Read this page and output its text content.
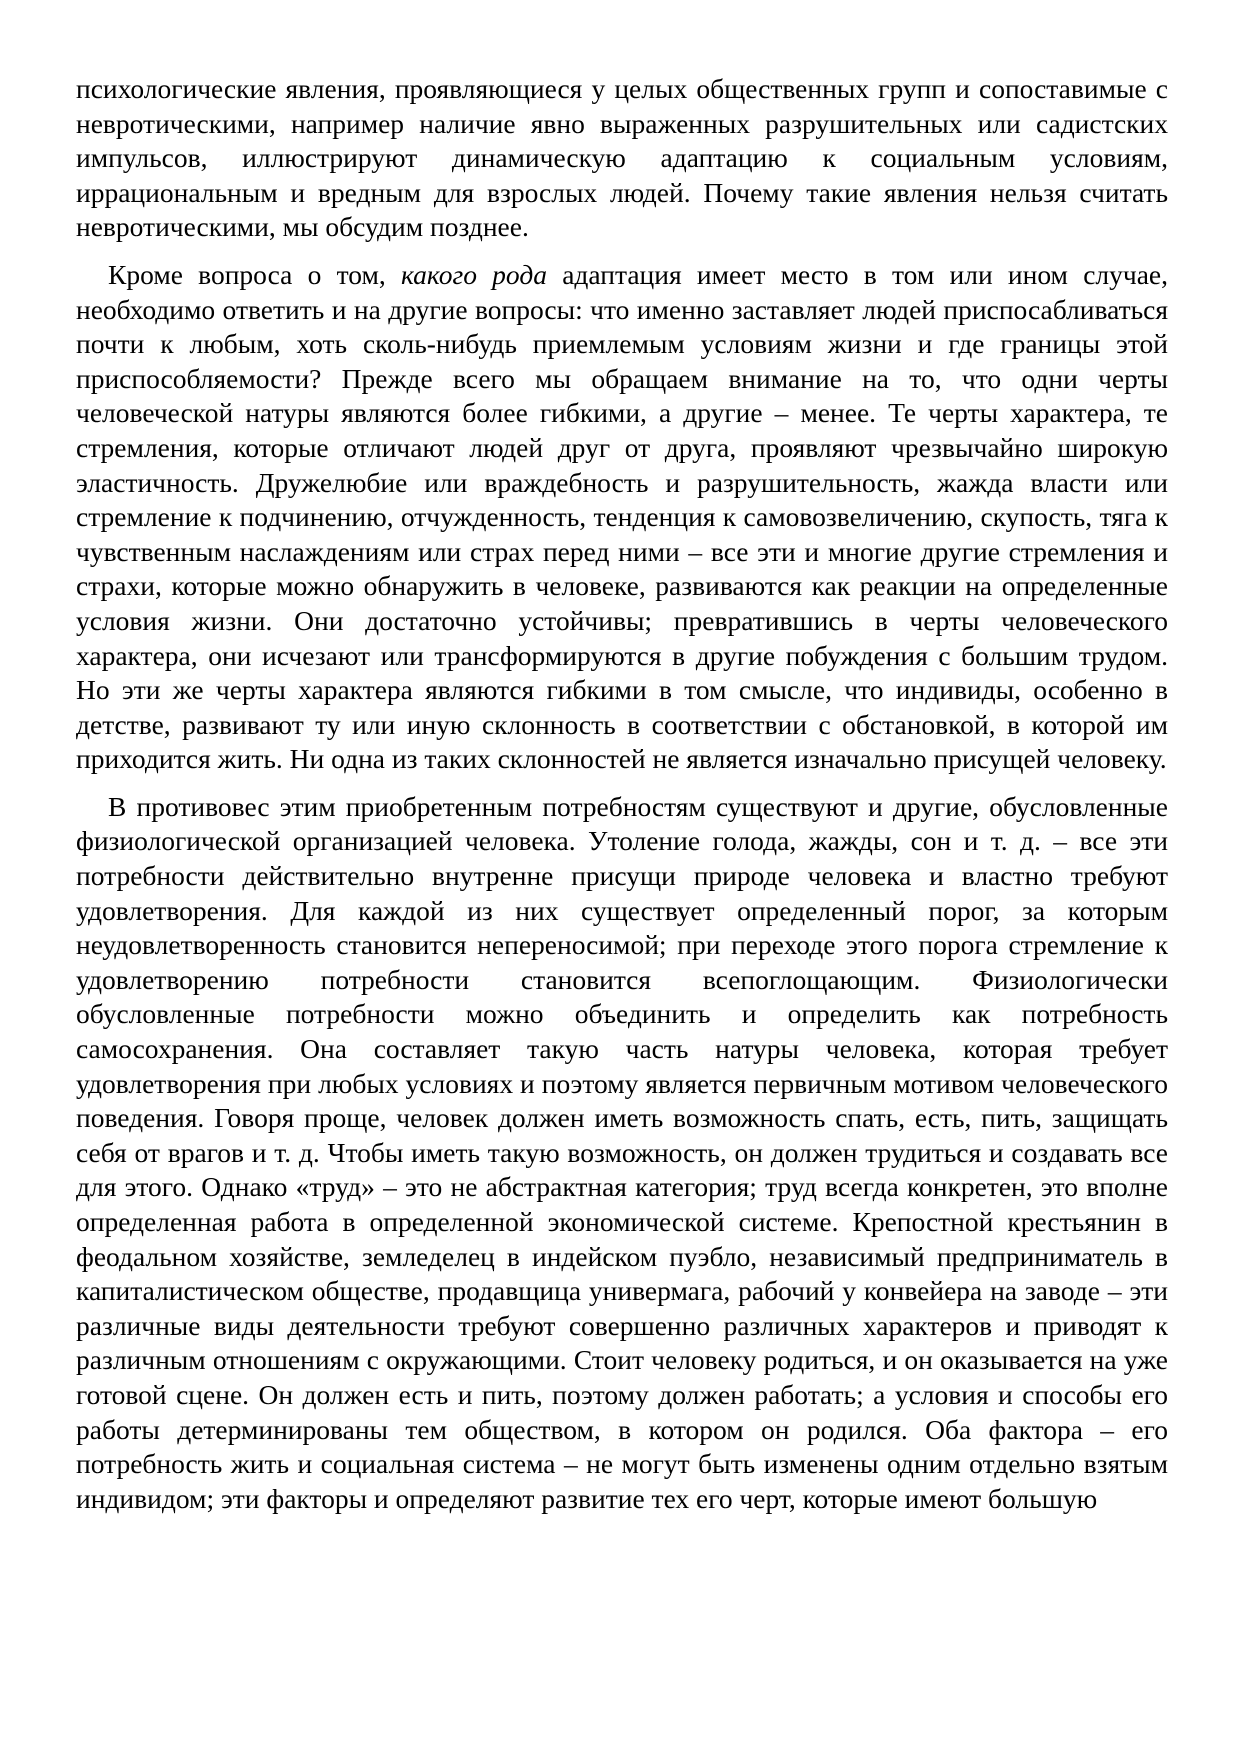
психологические явления, проявляющиеся у целых общественных групп и сопоставимые с невротическими, например наличие явно выраженных разрушительных или садистских импульсов, иллюстрируют динамическую адаптацию к социальным условиям, иррациональным и вредным для взрослых людей. Почему такие явления нельзя считать невротическими, мы обсудим позднее.

Кроме вопроса о том, какого рода адаптация имеет место в том или ином случае, необходимо ответить и на другие вопросы: что именно заставляет людей приспосабливаться почти к любым, хоть сколь-нибудь приемлемым условиям жизни и где границы этой приспособляемости? Прежде всего мы обращаем внимание на то, что одни черты человеческой натуры являются более гибкими, а другие – менее. Те черты характера, те стремления, которые отличают людей друг от друга, проявляют чрезвычайно широкую эластичность. Дружелюбие или враждебность и разрушительность, жажда власти или стремление к подчинению, отчужденность, тенденция к самовозвеличению, скупость, тяга к чувственным наслаждениям или страх перед ними – все эти и многие другие стремления и страхи, которые можно обнаружить в человеке, развиваются как реакции на определенные условия жизни. Они достаточно устойчивы; превратившись в черты человеческого характера, они исчезают или трансформируются в другие побуждения с большим трудом. Но эти же черты характера являются гибкими в том смысле, что индивиды, особенно в детстве, развивают ту или иную склонность в соответствии с обстановкой, в которой им приходится жить. Ни одна из таких склонностей не является изначально присущей человеку.

В противовес этим приобретенным потребностям существуют и другие, обусловленные физиологической организацией человека. Утоление голода, жажды, сон и т. д. – все эти потребности действительно внутренне присущи природе человека и властно требуют удовлетворения. Для каждой из них существует определенный порог, за которым неудовлетворенность становится непереносимой; при переходе этого порога стремление к удовлетворению потребности становится всепоглощающим. Физиологически обусловленные потребности можно объединить и определить как потребность самосохранения. Она составляет такую часть натуры человека, которая требует удовлетворения при любых условиях и поэтому является первичным мотивом человеческого поведения. Говоря проще, человек должен иметь возможность спать, есть, пить, защищать себя от врагов и т. д. Чтобы иметь такую возможность, он должен трудиться и создавать все для этого. Однако «труд» – это не абстрактная категория; труд всегда конкретен, это вполне определенная работа в определенной экономической системе. Крепостной крестьянин в феодальном хозяйстве, земледелец в индейском пуэбло, независимый предприниматель в капиталистическом обществе, продавщица универмага, рабочий у конвейера на заводе – эти различные виды деятельности требуют совершенно различных характеров и приводят к различным отношениям с окружающими. Стоит человеку родиться, и он оказывается на уже готовой сцене. Он должен есть и пить, поэтому должен работать; а условия и способы его работы детерминированы тем обществом, в котором он родился. Оба фактора – его потребность жить и социальная система – не могут быть изменены одним отдельно взятым индивидом; эти факторы и определяют развитие тех его черт, которые имеют большую
